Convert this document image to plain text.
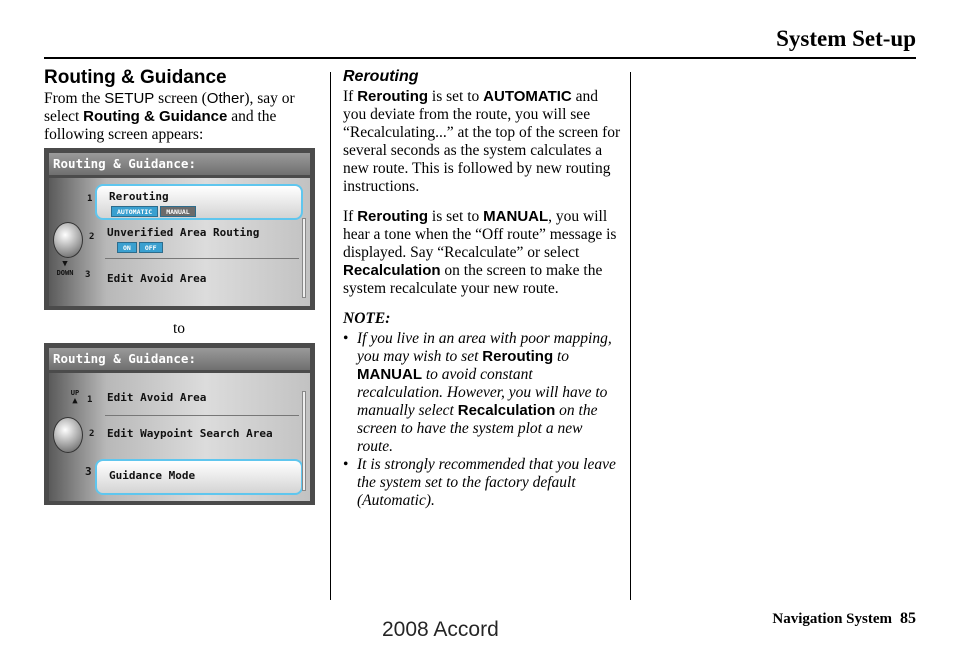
System Set-up
Routing & Guidance

From the SETUP screen (Other), say or select Routing & Guidance and the following screen appears:

Routing & Guidance:
1
2
3
▼
DOWN
Rerouting
AUTOMATIC	MANUAL
Unverified Area Routing
ON	OFF
Edit Avoid Area
to
Routing & Guidance:
UP
▲	1
2
3
Edit Avoid Area
Edit Waypoint Search Area
Guidance Mode
Rerouting

If Rerouting is set to AUTOMATIC and you deviate from the route, you will see “Recalculating...” at the top of the screen for several seconds as the system calculates a new route. This is followed by new routing instructions.

If Rerouting is set to MANUAL, you will hear a tone when the “Off route” message is displayed. Say “Recalculate” or select Recalculation on the screen to make the system recalculate your new route.

NOTE:
• If you live in an area with poor mapping, you may wish to set Rerouting to MANUAL to avoid constant recalculation. However, you will have to manually select Recalculation on the screen to have the system plot a new route.
• It is strongly recommended that you leave the system set to the factory default (Automatic).
Navigation System 85
2008 Accord
